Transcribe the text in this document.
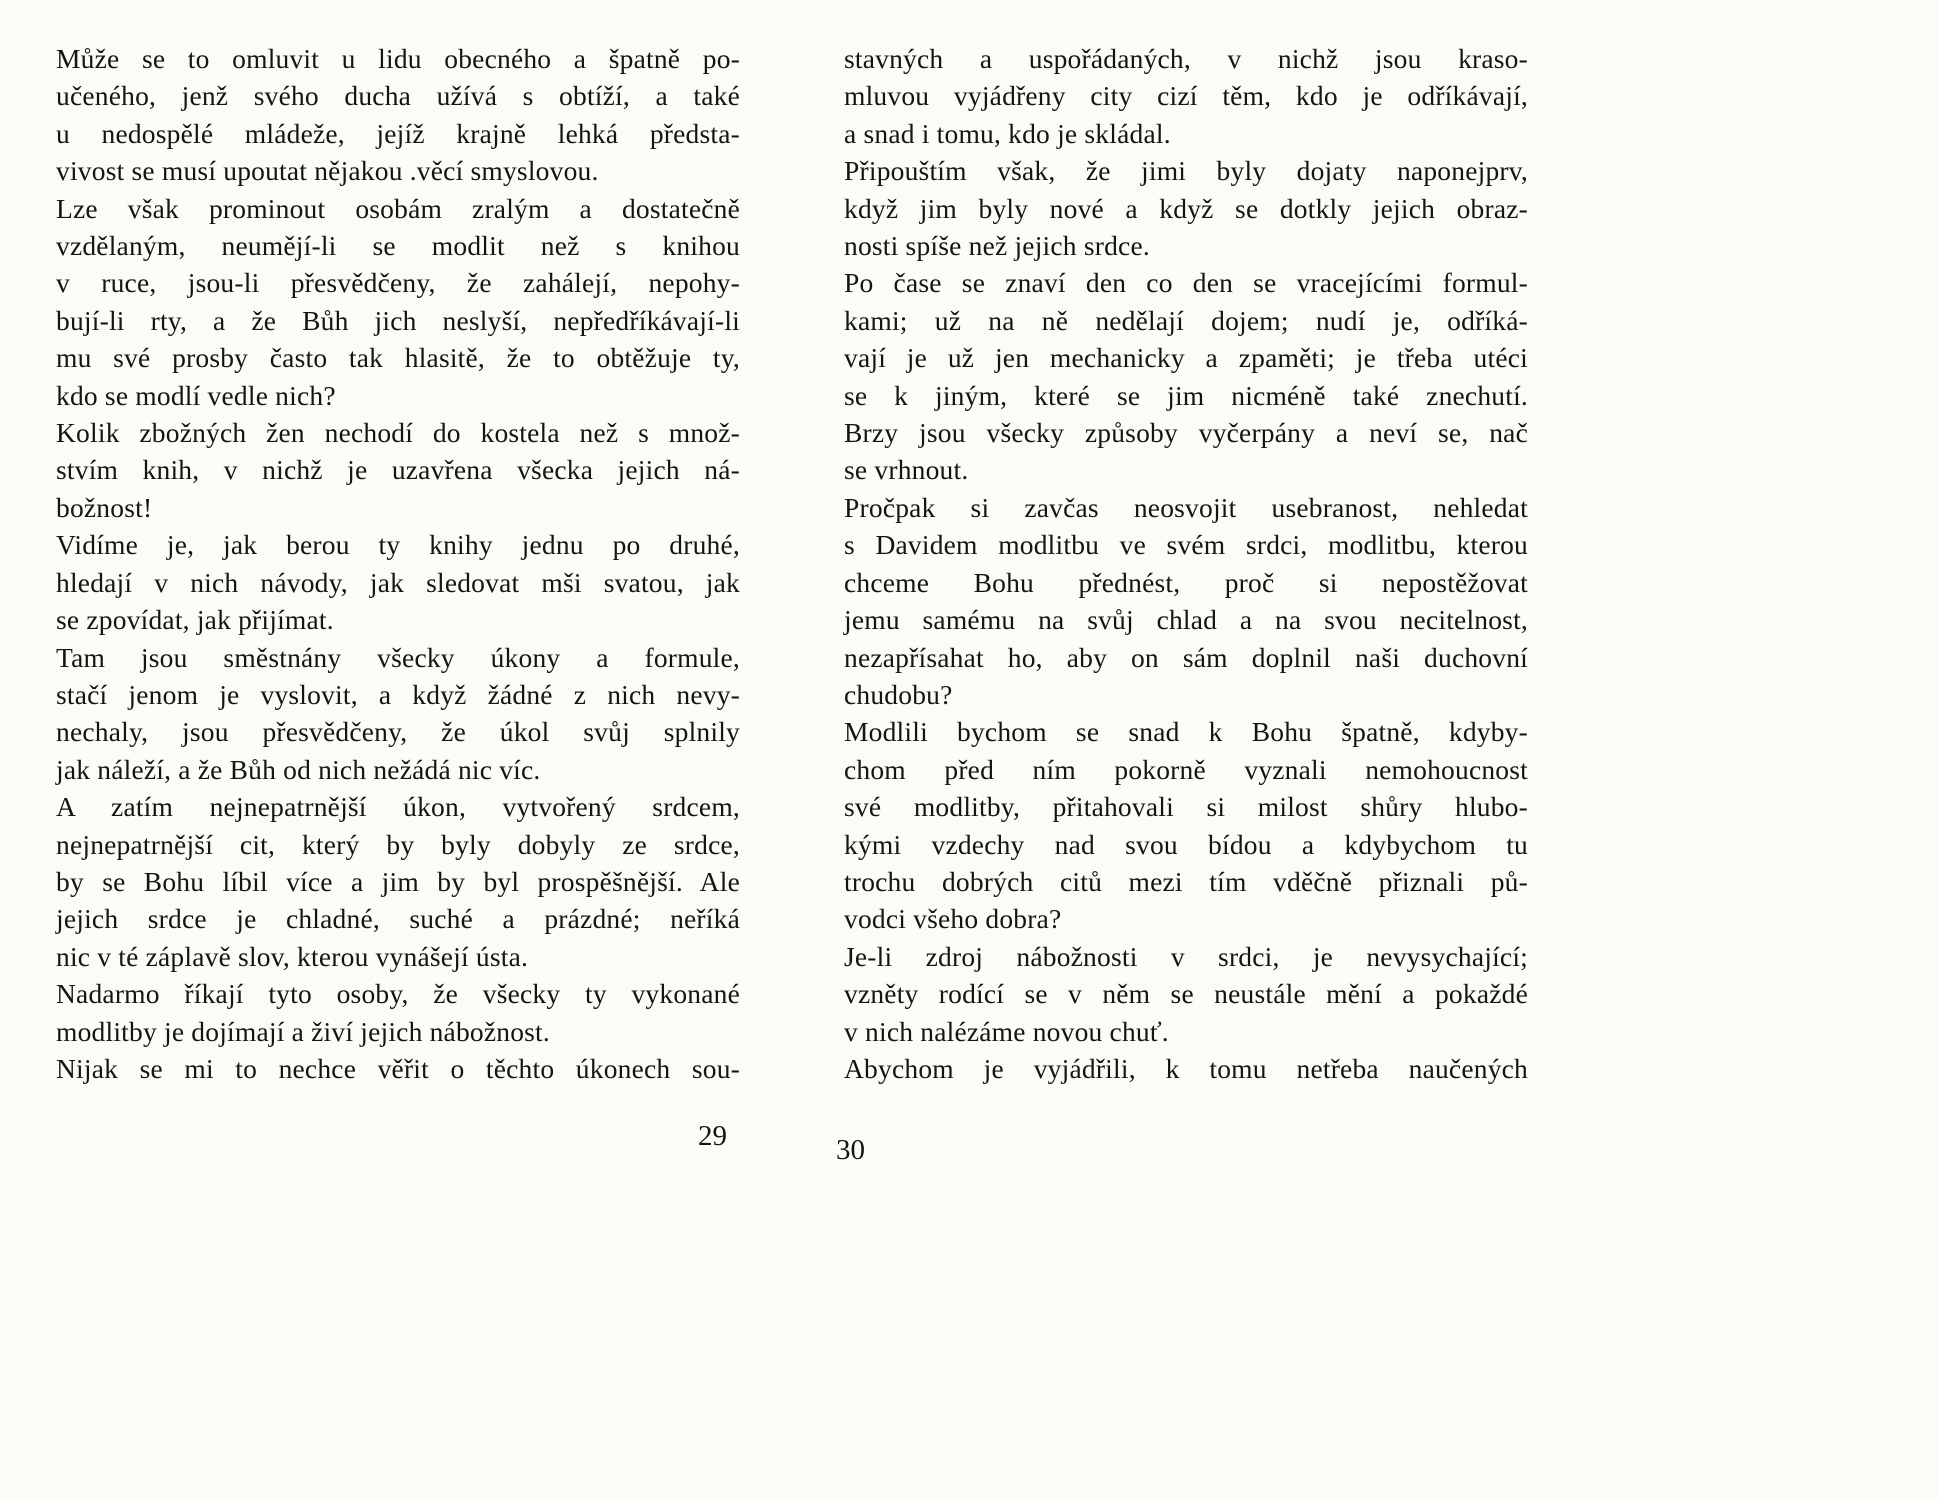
Může se to omluvit u lidu obecného a špatně po-
učeného, jenž svého ducha užívá s obtíží, a také
u nedospělé mládeže, jejíž krajně lehká předsta-
vivost se musí upoutat nějakou .věcí smyslovou.
Lze však prominout osobám zralým a dostatečně
vzdělaným, neumějí-li se modlit než s knihou
v ruce, jsou-li přesvědčeny, že zahálejí, nepohy-
bují-li rty, a že Bůh jich neslyší, nepředříkávají-li
mu své prosby často tak hlasitě, že to obtěžuje ty,
kdo se modlí vedle nich?
Kolik zbožných žen nechodí do kostela než s množ-
stvím knih, v nichž je uzavřena všecka jejich ná-
božnost!
Vidíme je, jak berou ty knihy jednu po druhé,
hledají v nich návody, jak sledovat mši svatou, jak
se zpovídat, jak přijímat.
Tam jsou směstnány všecky úkony a formule,
stačí jenom je vyslovit, a když žádné z nich nevy-
nechaly, jsou přesvědčeny, že úkol svůj splnily
jak náleží, a že Bůh od nich nežádá nic víc.
A zatím nejnepatrnější úkon, vytvořený srdcem,
nejnepatrnější cit, který by byly dobyly ze srdce,
by se Bohu líbil více a jim by byl prospěšnější. Ale
jejich srdce je chladné, suché a prázdné; neříká
nic v té záplavě slov, kterou vynášejí ústa.
Nadarmo říkají tyto osoby, že všecky ty vykonané
modlitby je dojímají a živí jejich nábožnost.
Nijak se mi to nechce věřit o těchto úkonech sou-
stavných a uspořádaných, v nichž jsou kraso-
mluvou vyjádřeny city cizí těm, kdo je odříkávají,
a snad i tomu, kdo je skládal.
Připouštím však, že jimi byly dojaty naponejprv,
když jim byly nové a když se dotkly jejich obraz-
nosti spíše než jejich srdce.
Po čase se znaví den co den se vracejícími formul-
kami; už na ně nedělají dojem; nudí je, odříká-
vají je už jen mechanicky a zpaměti; je třeba utéci
se k jiným, které se jim nicméně také znechutí.
Brzy jsou všecky způsoby vyčerpány a neví se, nač
se vrhnout.
Pročpak si zavčas neosvojit usebranost, nehledat
s Davidem modlitbu ve svém srdci, modlitbu, kterou
chceme Bohu přednést, proč si nepostěžovat
jemu samému na svůj chlad a na svou necitelnost,
nezapřísahat ho, aby on sám doplnil naši duchovní
chudobu?
Modlili bychom se snad k Bohu špatně, kdyby-
chom před ním pokorně vyznali nemohoucnost
své modlitby, přitahovali si milost shůry hlubo-
kými vzdechy nad svou bídou a kdybychom tu
trochu dobrých citů mezi tím vděčně přiznali pů-
vodci všeho dobra?
Je-li zdroj nábožnosti v srdci, je nevysychající;
vzněty rodící se v něm se neustále mění a pokaždé
v nich nalézáme novou chuť.
Abychom je vyjádřili, k tomu netřeba naučených
29	30
